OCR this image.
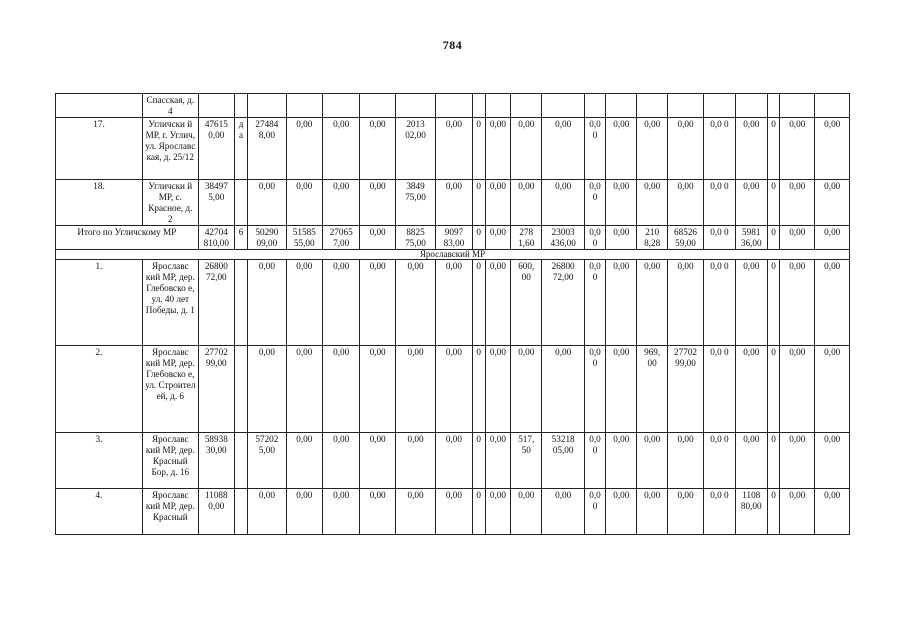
784
	Спасская, д. 4																					
17.	Угличски й МР, г. Углич, ул. Ярославс кая, д. 25/12	47615 0,00	д а	27484 8,00	0,00	0,00	0,00	2013 02,00	0,00	0	0,00	0,00	0,00	0,0 0	0,00	0,00	0,00	0,0 0	0,00	0	0,00	0,00
18.	Угличски й МР, с. Красное, д. 2	38497 5,00		0,00	0,00	0,00	0,00	3849 75,00	0,00	0	0,00	0,00	0,00	0,0 0	0,00	0,00	0,00	0,0 0	0,00	0	0,00	0,00
Итого по Угличскому МР		42704 810,00	6	50290 09,00	51585 55,00	27065 7,00	0,00	8825 75,00	9097 83,00	0	0,00	278 1,60	23003 436,00	0,0 0	0,00	210 8,28	68526 59,00	0,0 0	5981 36,00	0	0,00	0,00
Ярославский МР																						
1.	Ярославс кий МР, дер. Глебовско е, ул. 40 лет Победы, д. 1	26800 72,00		0,00	0,00	0,00	0,00	0,00	0,00	0	0,00	600, 00	26800 72,00	0,0 0	0,00	0,00	0,00	0,0 0	0,00	0	0,00	0,00
2.	Ярославс кий МР, дер. Глебовско е, ул. Строител ей, д. 6	27702 99,00		0,00	0,00	0,00	0,00	0,00	0,00	0	0,00	0,00	0,00	0,0 0	0,00	969, 00	27702 99,00	0,0 0	0,00	0	0,00	0,00
3.	Ярославс кий МР, дер. Красный Бор, д. 16	58938 30,00		57202 5,00	0,00	0,00	0,00	0,00	0,00	0	0,00	517, 50	53218 05,00	0,0 0	0,00	0,00	0,00	0,0 0	0,00	0	0,00	0,00
4.	Ярославс кий МР, дер. Красный	11088 0,00		0,00	0,00	0,00	0,00	0,00	0,00	0	0,00	0,00	0,00	0,0 0	0,00	0,00	0,00	0,0 0	1108 80,00	0	0,00	0,00
